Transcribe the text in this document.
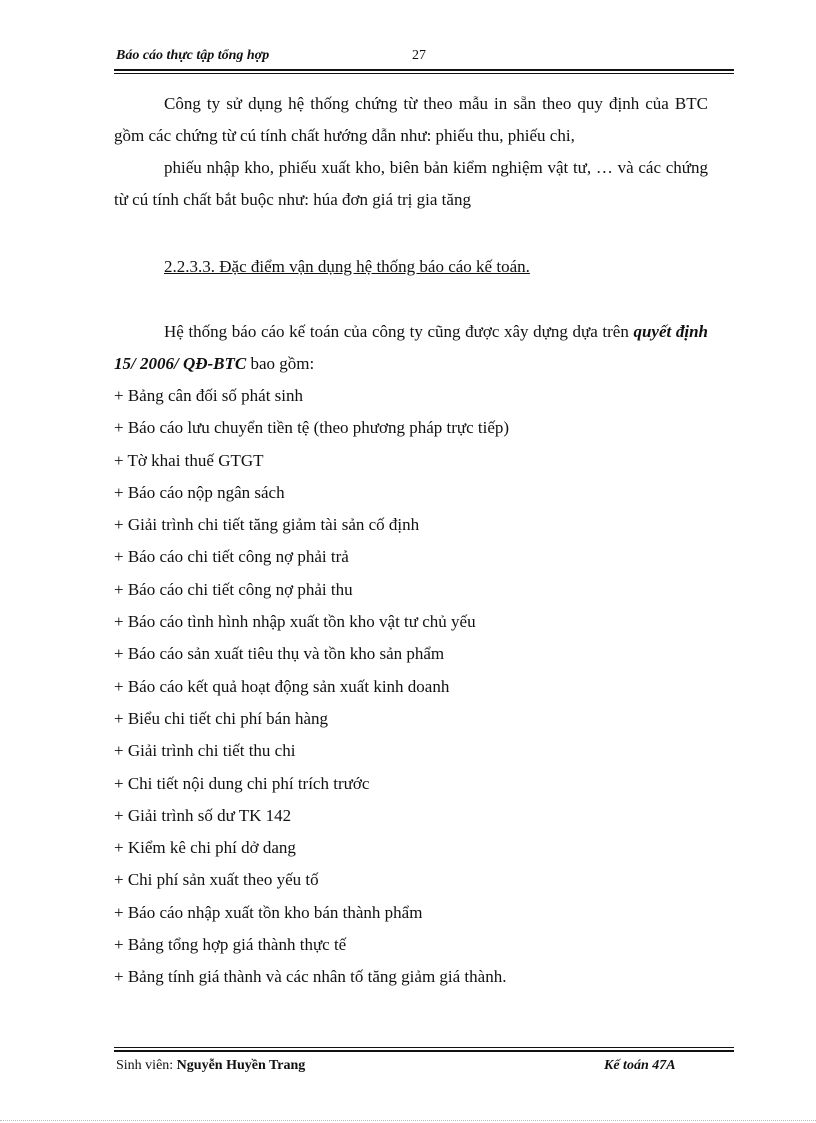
Báo cáo thực tập tổng hợp	27

Công ty sử dụng hệ thống chứng từ theo mẫu in sẵn theo quy định của BTC gồm các chứng từ cú tính chất hướng dẫn như: phiếu thu, phiếu chi,

phiếu nhập kho, phiếu xuất kho, biên bản kiểm nghiệm vật tư, … và các chứng từ cú tính chất bắt buộc như: húa đơn giá trị gia tăng

2.2.3.3. Đặc điểm vận dụng hệ thống báo cáo kế toán.

Hệ thống báo cáo kế toán của công ty cũng được xây dựng dựa trên quyết định 15/ 2006/ QĐ-BTC bao gồm:

+ Bảng cân đối số phát sinh
+ Báo cáo lưu chuyển tiền tệ (theo phương pháp trực tiếp)
+ Tờ khai thuế GTGT
+ Báo cáo nộp ngân sách
+ Giải trình chi tiết tăng giảm tài sản cố định
+ Báo cáo chi tiết công nợ phải trả
+ Báo cáo chi tiết công nợ phải thu
+ Báo cáo tình hình nhập xuất tồn kho vật tư chủ yếu
+ Báo cáo sản xuất tiêu thụ và tồn kho sản phẩm
+ Báo cáo kết quả hoạt động sản xuất kinh doanh
+ Biểu chi tiết chi phí bán hàng
+ Giải trình chi tiết thu chi
+ Chi tiết nội dung chi phí trích trước
+ Giải trình số dư TK 142
+ Kiểm kê chi phí dở dang
+ Chi phí sản xuất theo yếu tố
+ Báo cáo nhập xuất tồn kho bán thành phẩm
+ Bảng tổng hợp giá thành thực tế
+ Bảng tính giá thành và các nhân tố tăng giảm giá thành.
Sinh viên: Nguyễn Huyền Trang	Kế toán 47A
